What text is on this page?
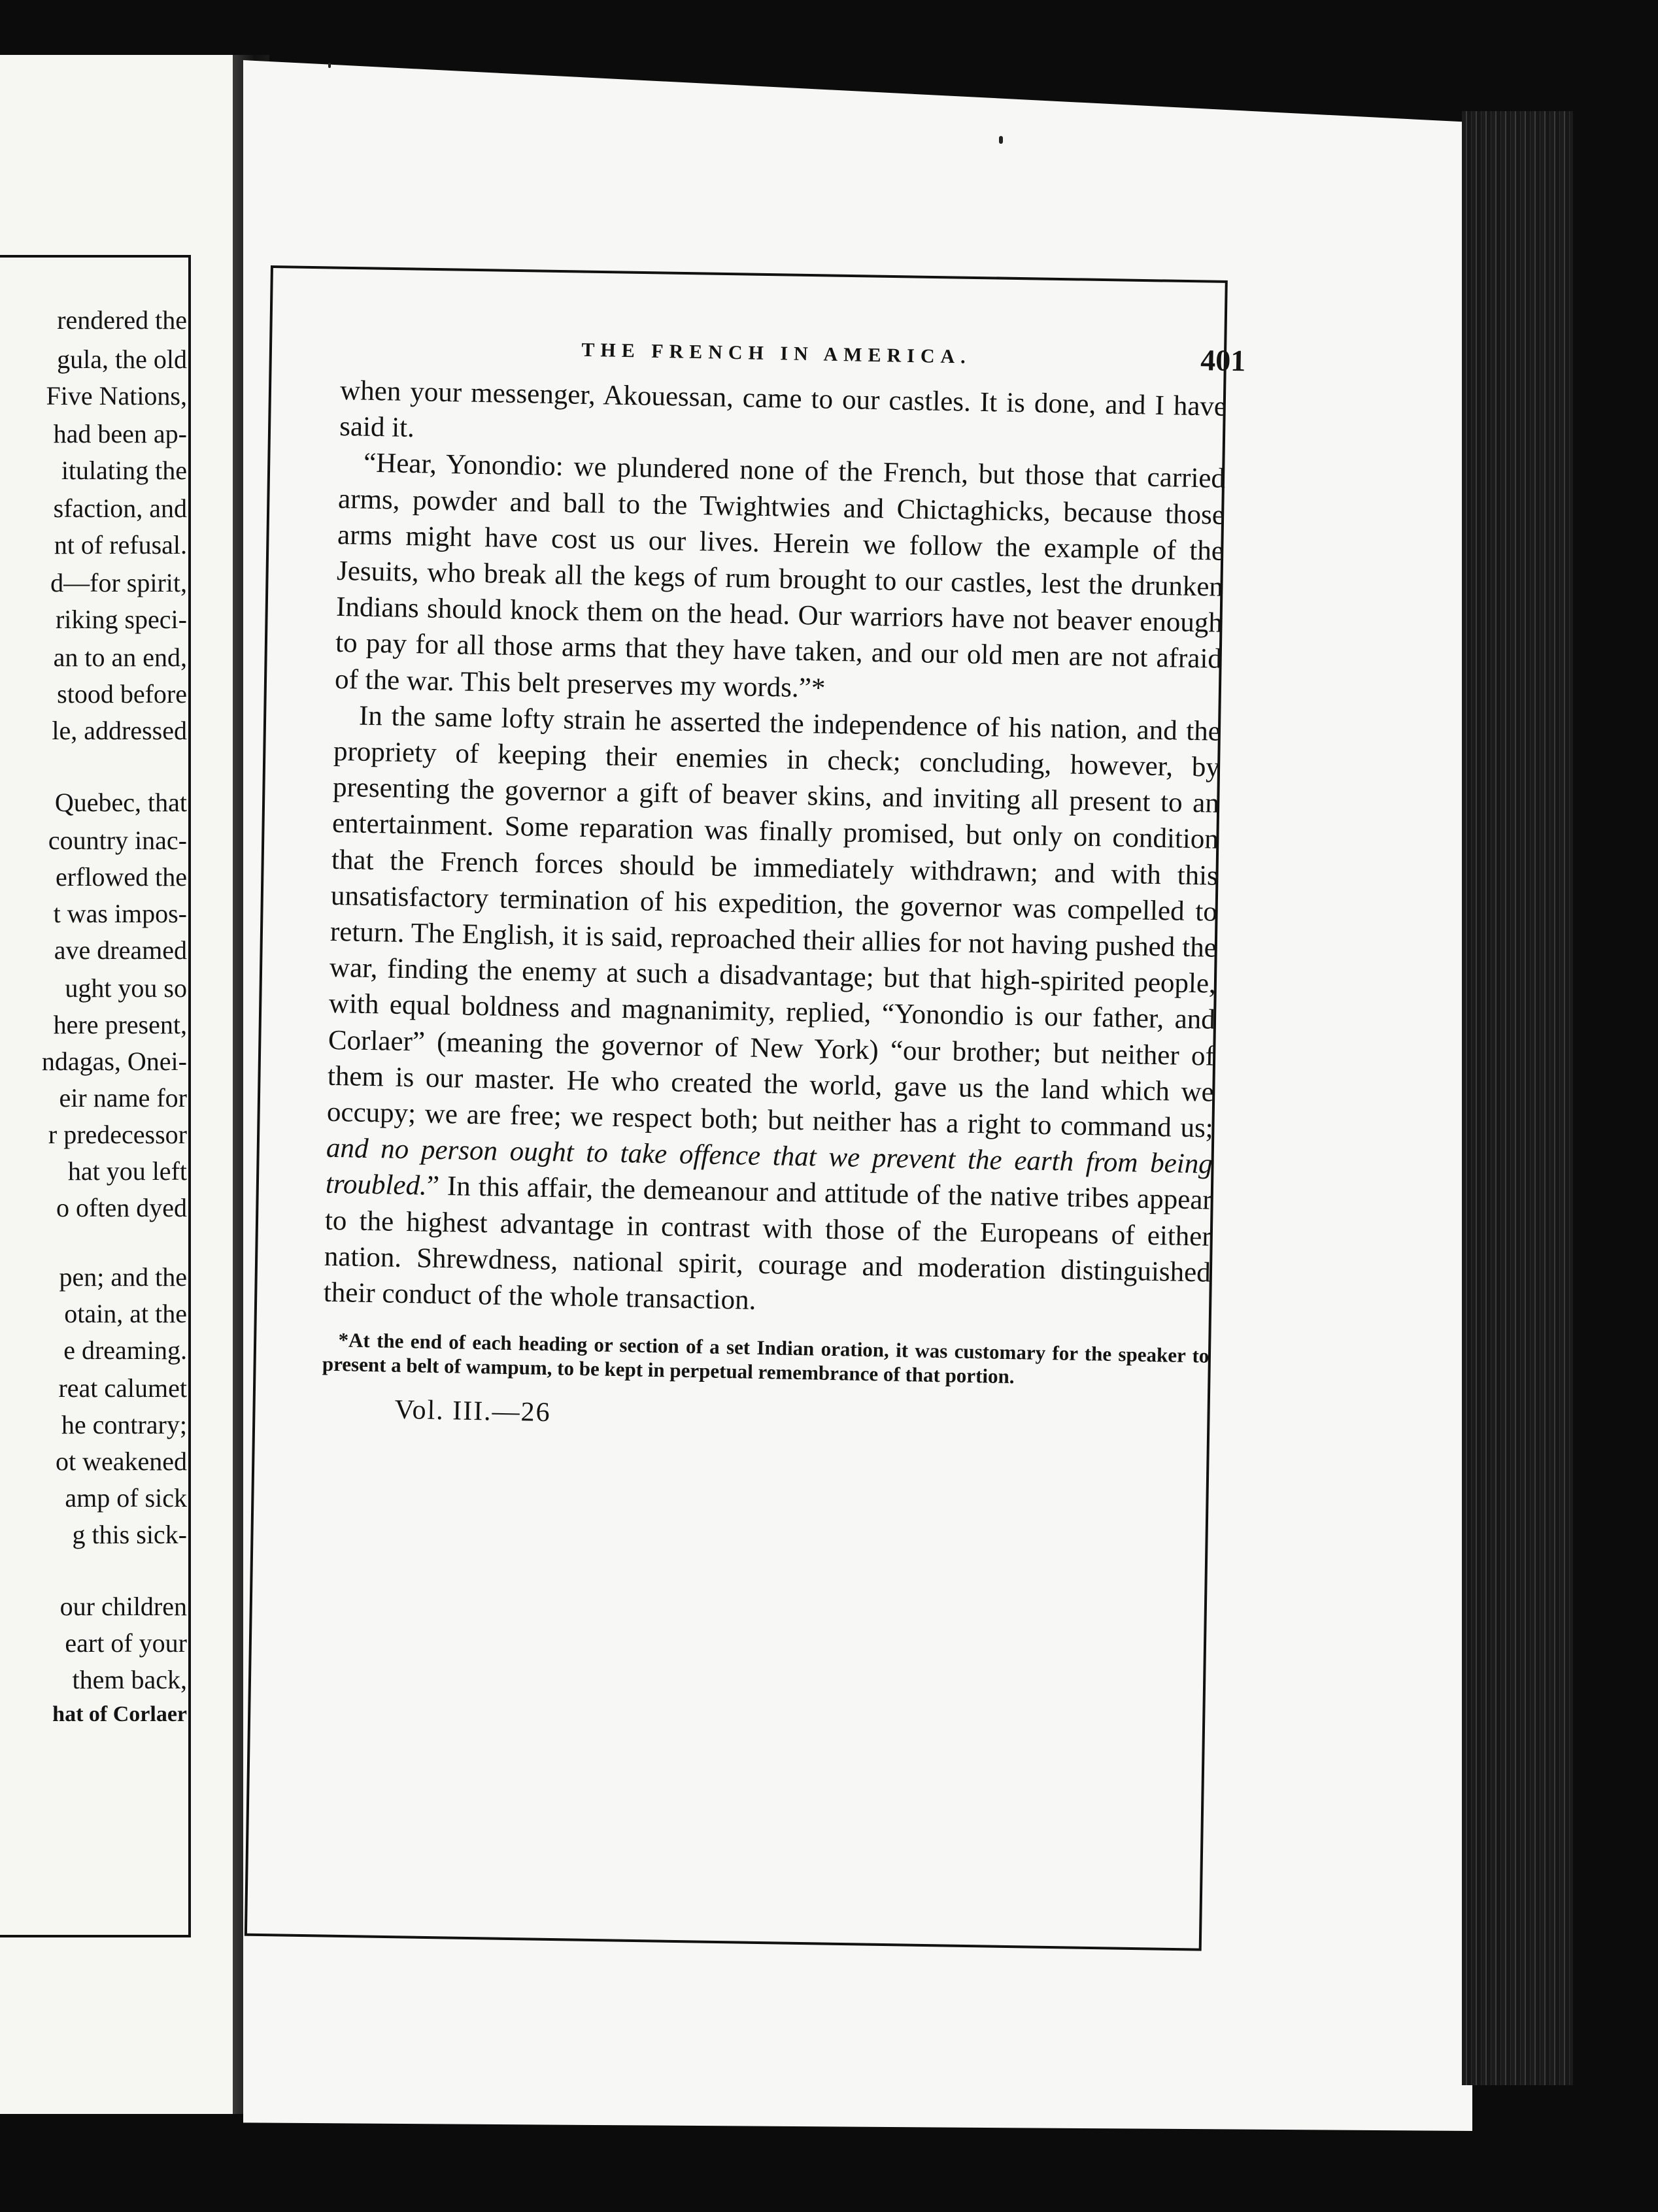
rendered the
gula, the old
Five Nations,
had been ap-
itulating the
sfaction, and
nt of refusal.
d—for spirit,
riking speci-
an to an end,
stood before
le, addressed
Quebec, that
country inac-
erflowed the
t was impos-
ave dreamed
ught you so
here present,
ndagas, Onei-
eir name for
r predecessor
hat you left
o often dyed
pen; and the
otain, at the
e dreaming.
reat calumet
he contrary;
ot weakened
amp of sick
g this sick-
our children
eart of your
them back,
hat of Corlaer
THE FRENCH IN AMERICA.	401

when your messenger, Akouessan, came to our castles. It is done, and I have said it.

“Hear, Yonondio: we plundered none of the French, but those that carried arms, powder and ball to the Twightwies and Chictaghicks, because those arms might have cost us our lives. Herein we follow the example of the Jesuits, who break all the kegs of rum brought to our castles, lest the drunken Indians should knock them on the head. Our warriors have not beaver enough to pay for all those arms that they have taken, and our old men are not afraid of the war. This belt preserves my words.”*

In the same lofty strain he asserted the independence of his nation, and the propriety of keeping their enemies in check; concluding, however, by presenting the governor a gift of beaver skins, and inviting all present to an entertainment. Some reparation was finally promised, but only on condition that the French forces should be immediately withdrawn; and with this unsatisfactory termination of his expedition, the governor was compelled to return. The English, it is said, reproached their allies for not having pushed the war, finding the enemy at such a disadvantage; but that high-spirited people, with equal boldness and magnanimity, replied, “Yonondio is our father, and Corlaer” (meaning the governor of New York) “our brother; but neither of them is our master. He who created the world, gave us the land which we occupy; we are free; we respect both; but neither has a right to command us; and no person ought to take offence that we prevent the earth from being troubled.” In this affair, the demeanour and attitude of the native tribes appear to the highest advantage in contrast with those of the Europeans of either nation. Shrewdness, national spirit, courage and moderation distinguished their conduct of the whole transaction.

*At the end of each heading or section of a set Indian oration, it was customary for the speaker to present a belt of wampum, to be kept in perpetual remembrance of that portion.
Vol. III.—26
